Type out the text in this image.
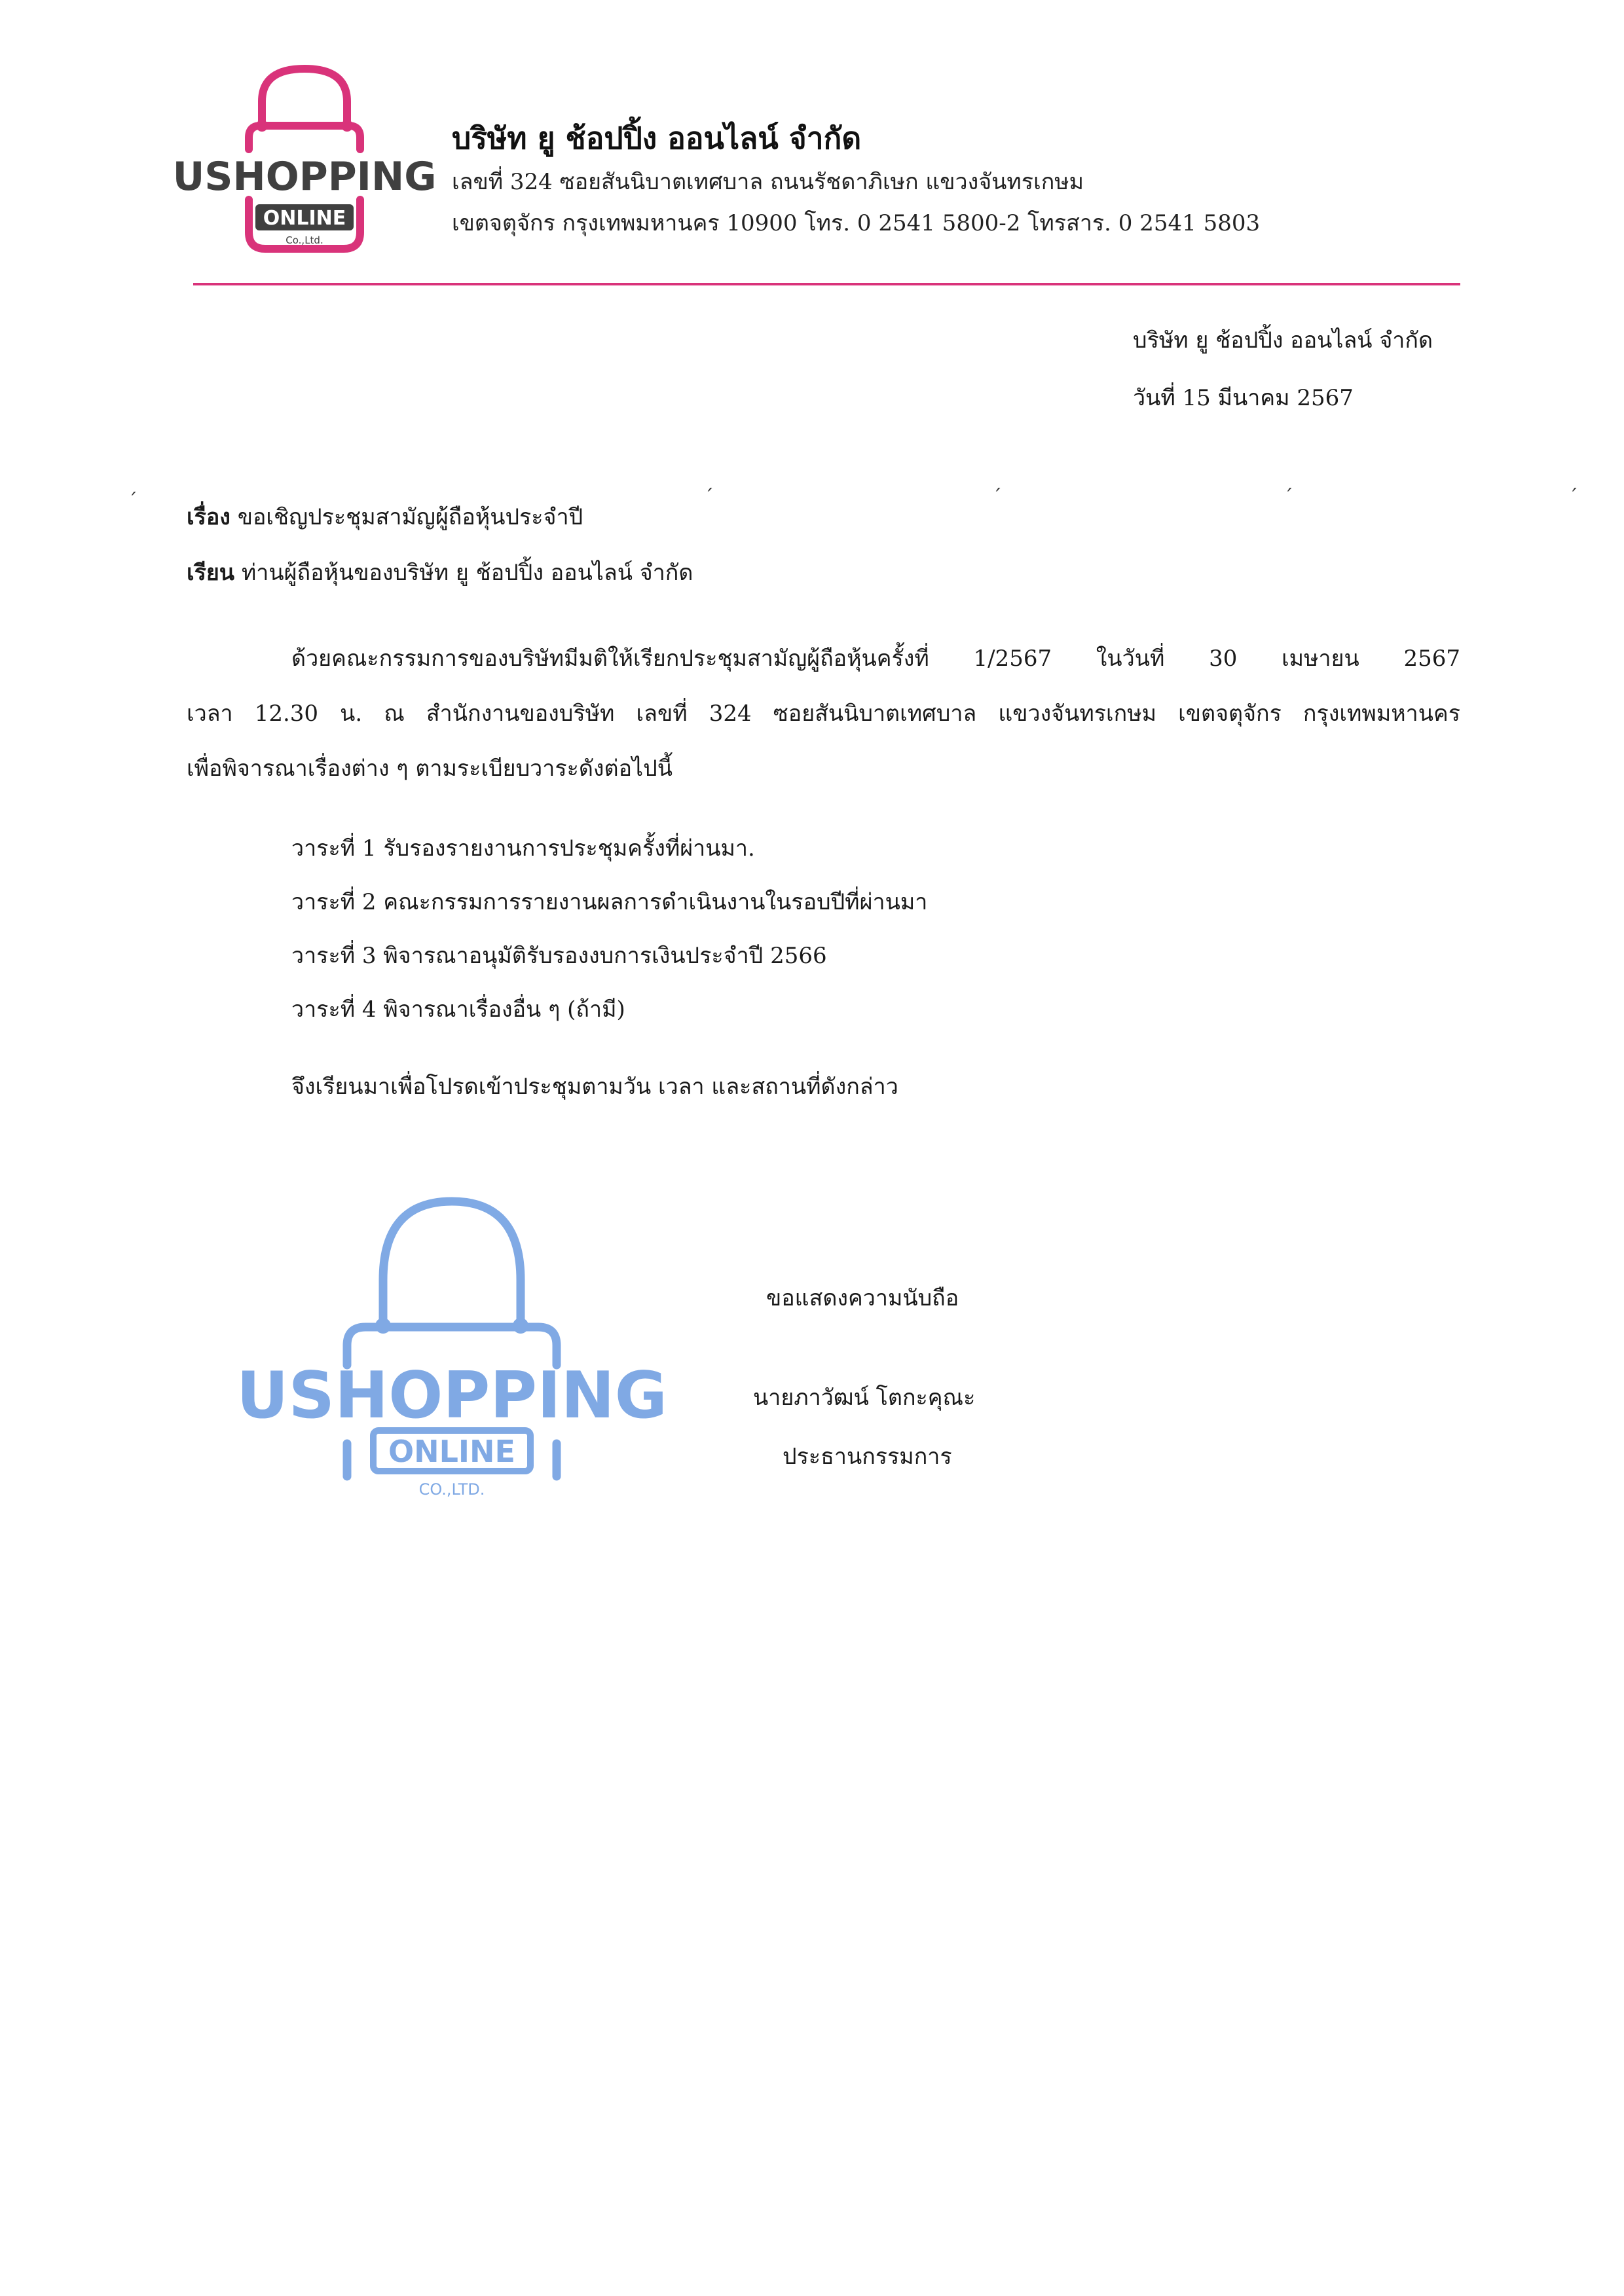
USHOPPING
ONLINE
Co.,Ltd.
บริษัท ยู ช้อปปิ้ง ออนไลน์ จำกัด
เลขที่ 324 ซอยสันนิบาตเทศบาล ถนนรัชดาภิเษก แขวงจันทรเกษม
เขตจตุจักร กรุงเทพมหานคร 10900 โทร. 0 2541 5800-2 โทรสาร. 0 2541 5803
บริษัท ยู ช้อปปิ้ง ออนไลน์ จำกัด
วันที่ 15 มีนาคม 2567
เรื่อง ขอเชิญประชุมสามัญผู้ถือหุ้นประจำปี
เรียน ท่านผู้ถือหุ้นของบริษัท ยู ช้อปปิ้ง ออนไลน์ จำกัด
ˊ	ˊ	ˊ	ˊ	ˊ
ด้วยคณะกรรมการของบริษัทมีมติให้เรียกประชุมสามัญผู้ถือหุ้นครั้งที่ 1/2567 ในวันที่ 30 เมษายน 2567
เวลา 12.30 น. ณ สำนักงานของบริษัท เลขที่ 324 ซอยสันนิบาตเทศบาล แขวงจันทรเกษม เขตจตุจักร กรุงเทพมหานคร
เพื่อพิจารณาเรื่องต่าง ๆ ตามระเบียบวาระดังต่อไปนี้
วาระที่ 1 รับรองรายงานการประชุมครั้งที่ผ่านมา.
วาระที่ 2 คณะกรรมการรายงานผลการดำเนินงานในรอบปีที่ผ่านมา
วาระที่ 3 พิจารณาอนุมัติรับรองงบการเงินประจำปี 2566
วาระที่ 4 พิจารณาเรื่องอื่น ๆ (ถ้ามี)
จึงเรียนมาเพื่อโปรดเข้าประชุมตามวัน เวลา และสถานที่ดังกล่าว
USHOPPING
ONLINE
CO.,LTD.
ขอแสดงความนับถือ
นายภาวัฒน์ โตกะคุณะ
ประธานกรรมการ
